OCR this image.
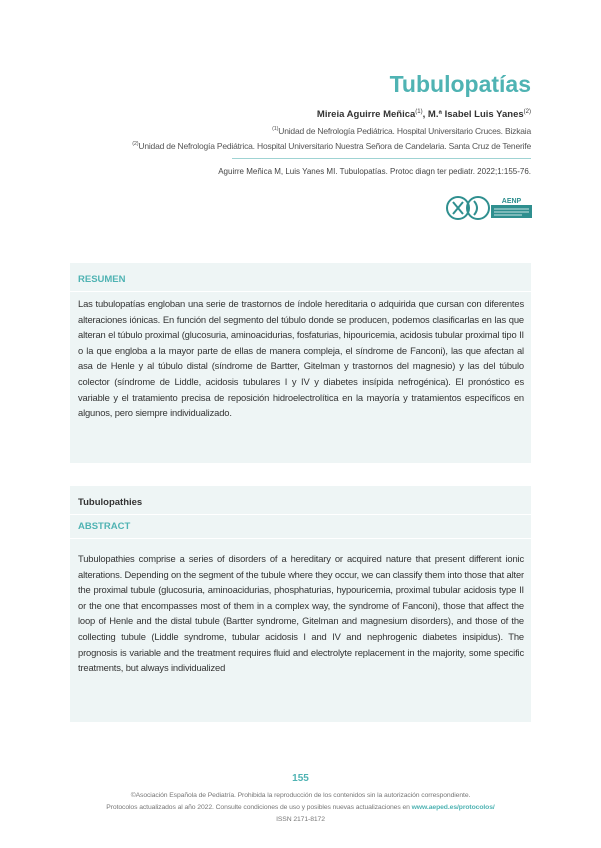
Tubulopatías
Mireia Aguirre Meñica$^{(1)}$, M.ª Isabel Luis Yanes$^{(2)}$
$^{(1)}$Unidad de Nefrología Pediátrica. Hospital Universitario Cruces. Bizkaia
$^{(2)}$Unidad de Nefrología Pediátrica. Hospital Universitario Nuestra Señora de Candelaria. Santa Cruz de Tenerife
Aguirre Meñica M, Luis Yanes MI. Tubulopatías. Protoc diagn ter pediatr. 2022;1:155-76.
AENP
RESUMEN
Las tubulopatías engloban una serie de trastornos de índole hereditaria o adquirida que cursan con diferentes alteraciones iónicas. En función del segmento del túbulo donde se producen, podemos clasificarlas en las que alteran el túbulo proximal (glucosuria, aminoacidurias, fosfaturias, hipouricemia, acidosis tubular proximal tipo II o la que engloba a la mayor parte de ellas de manera compleja, el síndrome de Fanconi), las que afectan al asa de Henle y al túbulo distal (síndrome de Bartter, Gitelman y trastornos del magnesio) y las del túbulo colector (síndrome de Liddle, acidosis tubulares I y IV y diabetes insípida nefrogénica). El pronóstico es variable y el tratamiento precisa de reposición hidroelectrolítica en la mayoría y tratamientos específicos en algunos, pero siempre individualizado.
Tubulopathies
ABSTRACT
Tubulopathies comprise a series of disorders of a hereditary or acquired nature that present different ionic alterations. Depending on the segment of the tubule where they occur, we can classify them into those that alter the proximal tubule (glucosuria, aminoacidurias, phosphaturias, hypouricemia, proximal tubular acidosis type II or the one that encompasses most of them in a complex way, the syndrome of Fanconi), those that affect the loop of Henle and the distal tubule (Bartter syndrome, Gitelman and magnesium disorders), and those of the collecting tubule (Liddle syndrome, tubular acidosis I and IV and nephrogenic diabetes insipidus). The prognosis is variable and the treatment requires fluid and electrolyte replacement in the majority, some specific treatments, but always individualized
155
©Asociación Española de Pediatría. Prohibida la reproducción de los contenidos sin la autorización correspondiente.
Protocolos actualizados al año 2022. Consulte condiciones de uso y posibles nuevas actualizaciones en www.aeped.es/protocolos/
ISSN 2171-8172
